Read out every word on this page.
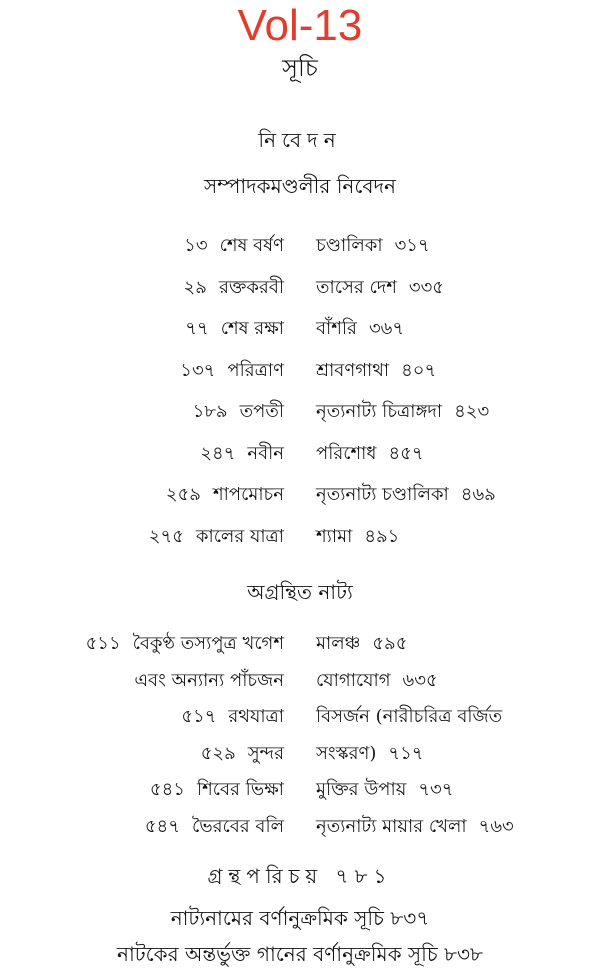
Vol-13
সূচি
নিবেদন
সম্পাদকমণ্ডলীর নিবেদন
১৩ শেষ বর্ষণ চণ্ডালিকা ৩১৭
২৯ রক্তকরবী তাসের দেশ ৩৩৫
৭৭ শেষ রক্ষা বাঁশরি ৩৬৭
১৩৭ পরিত্রাণ শ্রাবণগাথা ৪০৭
১৮৯ তপতী নৃত্যনাট্য চিত্রাঙ্গদা ৪২৩
২৪৭ নবীন পরিশোধ ৪৫৭
২৫৯ শাপমোচন নৃত্যনাট্য চণ্ডালিকা ৪৬৯
২৭৫ কালের যাত্রা শ্যামা ৪৯১
অগ্রন্থিত নাট্য
৫১১ বৈকুণ্ঠ তস্যপুত্র খগেশ মালঞ্চ ৫৯৫
এবং অন্যান্য পাঁচজন যোগাযোগ ৬৩৫
৫১৭ রথযাত্রা বিসর্জন (নারীচরিত্র বর্জিত
৫২৯ সুন্দর সংস্করণ) ৭১৭
৫৪১ শিবের ভিক্ষা মুক্তির উপায় ৭৩৭
৫৪৭ ভৈরবের বলি নৃত্যনাট্য মায়ার খেলা ৭৬৩
গ্রন্থপরিচয় ৭৮১
নাট্যনামের বর্ণানুক্রমিক সূচি ৮৩৭
নাটকের অন্তর্ভুক্ত গানের বর্ণানুক্রমিক সূচি ৮৩৮
